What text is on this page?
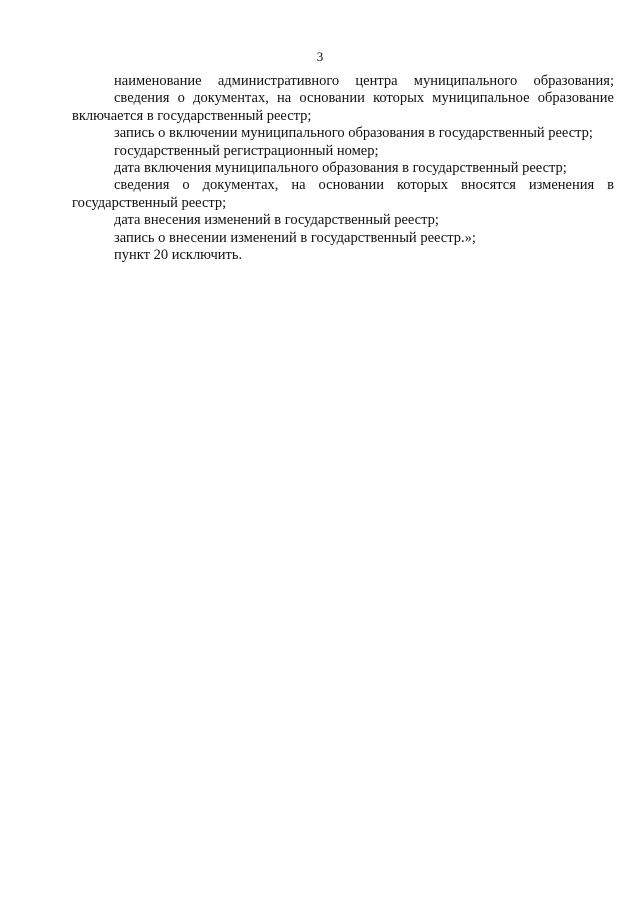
3

наименование административного центра муниципального образования;

сведения о документах, на основании которых муниципальное образование включается в государственный реестр;

запись о включении муниципального образования в государственный реестр;

государственный регистрационный номер;

дата включения муниципального образования в государственный реестр;

сведения о документах, на основании которых вносятся изменения в государственный реестр;

дата внесения изменений в государственный реестр;

запись о внесении изменений в государственный реестр.»;

пункт 20 исключить.
